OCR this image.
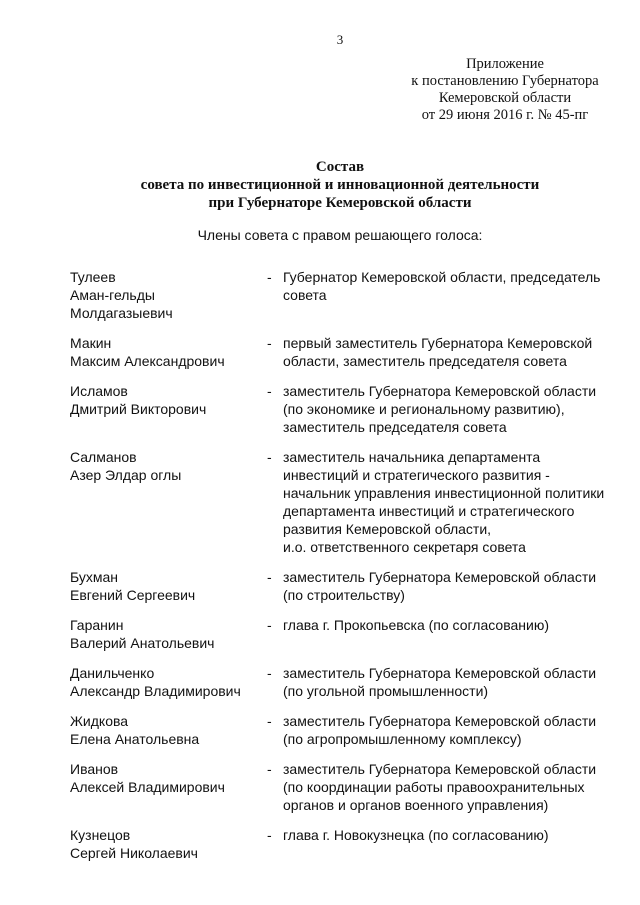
3
Приложение
к постановлению Губернатора
Кемеровской области
от 29 июня 2016 г. № 45-пг
Состав
совета по инвестиционной и инновационной деятельности
при Губернаторе Кемеровской области
Члены совета с правом решающего голоса:
Тулеев
Аман-гельды
Молдагазыевич
- Губернатор Кемеровской области, председатель
совета
Макин
Максим Александрович
- первый заместитель Губернатора Кемеровской
области, заместитель председателя совета
Исламов
Дмитрий Викторович
- заместитель Губернатора Кемеровской области
(по экономике и региональному развитию),
заместитель председателя совета
Салманов
Азер Элдар оглы
- заместитель начальника департамента
инвестиций и стратегического развития -
начальник управления инвестиционной политики
департамента инвестиций и стратегического
развития Кемеровской области,
и.о. ответственного секретаря совета
Бухман
Евгений Сергеевич
- заместитель Губернатора Кемеровской области
(по строительству)
Гаранин
Валерий Анатольевич
- глава г. Прокопьевска (по согласованию)
Данильченко
Александр Владимирович
- заместитель Губернатора Кемеровской области
(по угольной промышленности)
Жидкова
Елена Анатольевна
- заместитель Губернатора Кемеровской области
(по агропромышленному комплексу)
Иванов
Алексей Владимирович
- заместитель Губернатора Кемеровской области
(по координации работы правоохранительных
органов и органов военного управления)
Кузнецов
Сергей Николаевич
- глава г. Новокузнецка (по согласованию)
